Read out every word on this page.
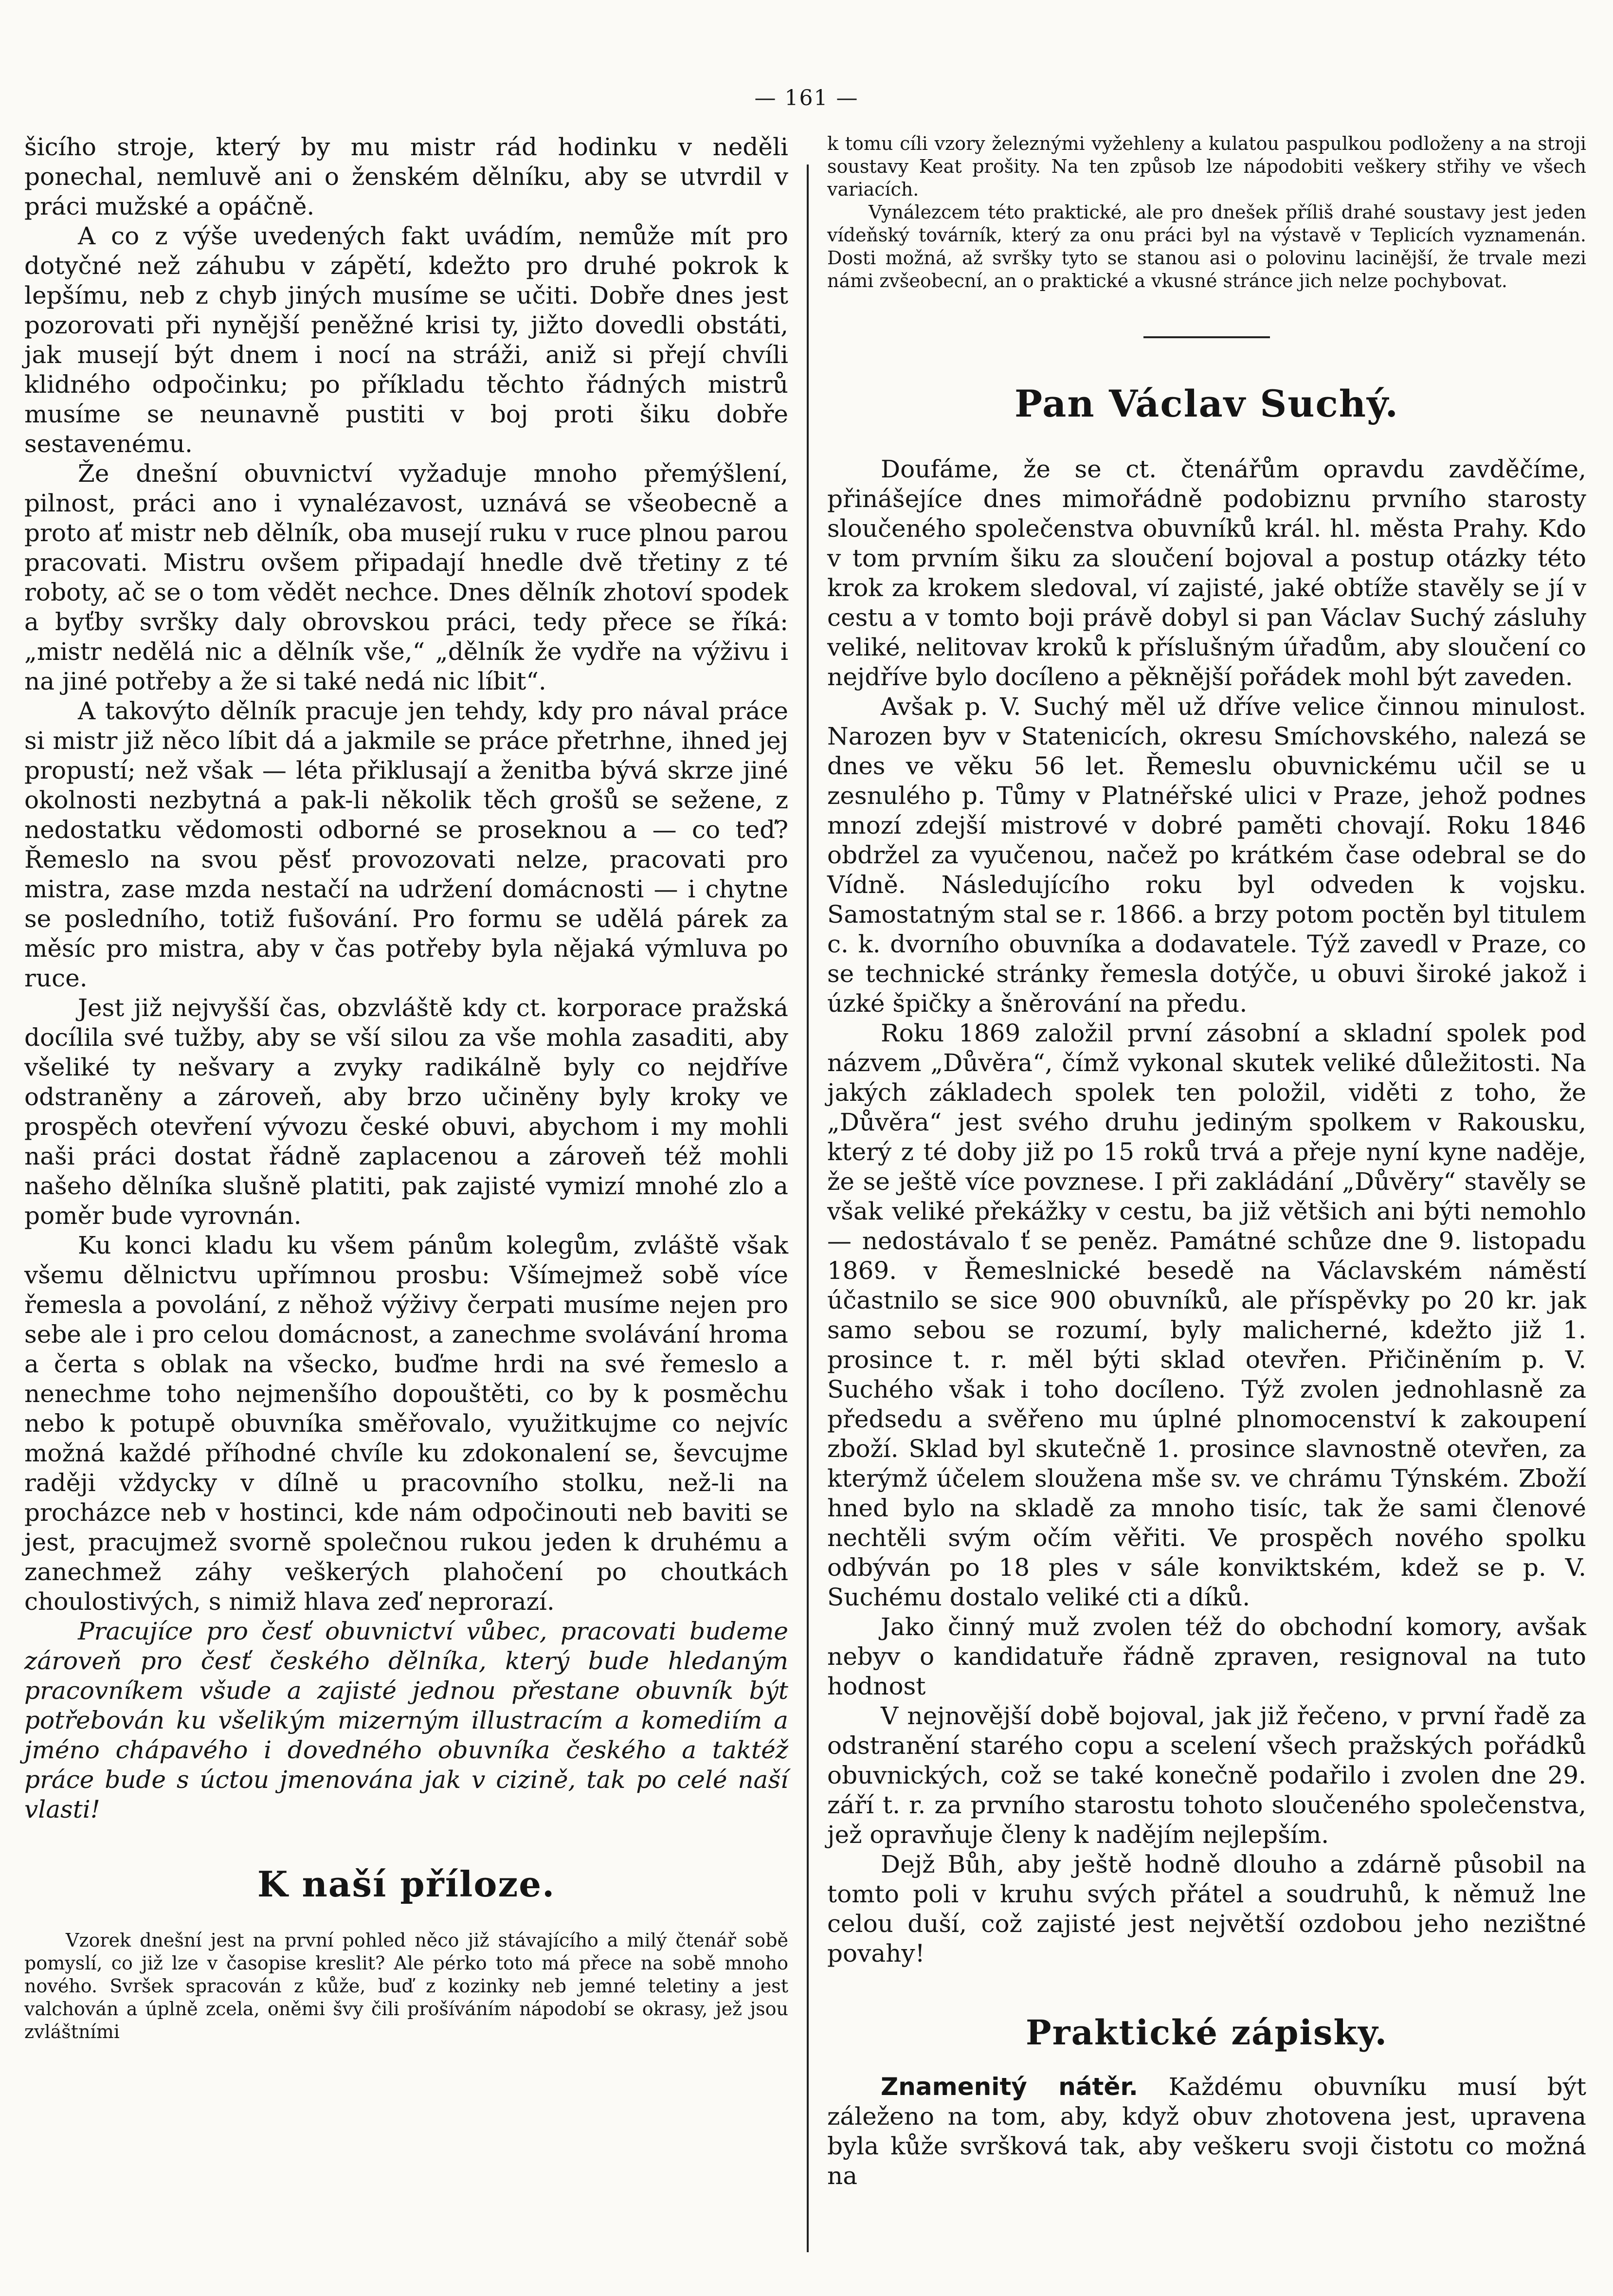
— 161 —

šicího stroje, který by mu mistr rád hodinku v neděli ponechal, nemluvě ani o ženském dělníku, aby se utvrdil v práci mužské a opáčně.

A co z výše uvedených fakt uvádím, nemůže mít pro dotyčné než záhubu v zápětí, kdežto pro druhé pokrok k lepšímu, neb z chyb jiných musíme se učiti. Dobře dnes jest pozorovati při nynější peněžné krisi ty, jižto dovedli obstáti, jak musejí být dnem i nocí na stráži, aniž si přejí chvíli klidného odpočinku; po příkladu těchto řádných mistrů musíme se neunavně pustiti v boj proti šiku dobře sestavenému.

Že dnešní obuvnictví vyžaduje mnoho přemýšlení, pilnost, práci ano i vynalézavost, uznává se všeobecně a proto ať mistr neb dělník, oba musejí ruku v ruce plnou parou pracovati. Mistru ovšem připadají hnedle dvě třetiny z té roboty, ač se o tom vědět nechce. Dnes dělník zhotoví spodek a byťby svršky daly obrovskou práci, tedy přece se říká: „mistr nedělá nic a dělník vše,“ „dělník že vydře na výživu i na jiné potřeby a že si také nedá nic líbit“.

A takovýto dělník pracuje jen tehdy, kdy pro nával práce si mistr již něco líbit dá a jakmile se práce přetrhne, ihned jej propustí; než však — léta přiklusají a ženitba bývá skrze jiné okolnosti nezbytná a pak-li několik těch grošů se sežene, z nedostatku vědomosti odborné se proseknou a — co teď? Řemeslo na svou pěsť provozovati nelze, pracovati pro mistra, zase mzda nestačí na udržení domácnosti — i chytne se posledního, totiž fušování. Pro formu se udělá párek za měsíc pro mistra, aby v čas potřeby byla nějaká výmluva po ruce.

Jest již nejvyšší čas, obzvláště kdy ct. korporace pražská docílila své tužby, aby se vší silou za vše mohla zasaditi, aby všeliké ty nešvary a zvyky radikálně byly co nejdříve odstraněny a zároveň, aby brzo učiněny byly kroky ve prospěch otevření vývozu české obuvi, abychom i my mohli naši práci dostat řádně zaplacenou a zároveň též mohli našeho dělníka slušně platiti, pak zajisté vymizí mnohé zlo a poměr bude vyrovnán.

Ku konci kladu ku všem pánům kolegům, zvláště však všemu dělnictvu upřímnou prosbu: Všímejmež sobě více řemesla a povolání, z něhož výživy čerpati musíme nejen pro sebe ale i pro celou domácnost, a zanechme svolávání hroma a čerta s oblak na všecko, buďme hrdi na své řemeslo a nenechme toho nejmenšího dopouštěti, co by k posměchu nebo k potupě obuvníka směřovalo, využitkujme co nejvíc možná každé příhodné chvíle ku zdokonalení se, ševcujme raději vždycky v dílně u pracovního stolku, než-li na procházce neb v hostinci, kde nám odpočinouti neb baviti se jest, pracujmež svorně společnou rukou jeden k druhému a zanechmež záhy veškerých plahočení po choutkách choulostivých, s nimiž hlava zeď neprorazí.

Pracujíce pro česť obuvnictví vůbec, pracovati budeme zároveň pro česť českého dělníka, který bude hledaným pracovníkem všude a zajisté jednou přestane obuvník být potřebován ku všelikým mizerným illustracím a komediím a jméno chápavého i dovedného obuvníka českého a taktéž práce bude s úctou jmenována jak v cizině, tak po celé naší vlasti!

K naší příloze.

Vzorek dnešní jest na první pohled něco již stávajícího a milý čtenář sobě pomyslí, co již lze v časopise kreslit? Ale pérko toto má přece na sobě mnoho nového. Svršek spracován z kůže, buď z kozinky neb jemné teletiny a jest valchován a úplně zcela, oněmi švy čili prošíváním nápodobí se okrasy, jež jsou zvláštními

k tomu cíli vzory železnými vyžehleny a kulatou paspulkou podloženy a na stroji soustavy Keat prošity. Na ten způsob lze nápodobiti veškery střihy ve všech variacích.

Vynálezcem této praktické, ale pro dnešek příliš drahé soustavy jest jeden vídeňský továrník, který za onu práci byl na výstavě v Teplicích vyznamenán. Dosti možná, až svršky tyto se stanou asi o polovinu lacinější, že trvale mezi námi zvšeobecní, an o praktické a vkusné stránce jich nelze pochybovat.

Pan Václav Suchý.

Doufáme, že se ct. čtenářům opravdu zavděčíme, přinášejíce dnes mimořádně podobiznu prvního starosty sloučeného společenstva obuvníků král. hl. města Prahy. Kdo v tom prvním šiku za sloučení bojoval a postup otázky této krok za krokem sledoval, ví zajisté, jaké obtíže stavěly se jí v cestu a v tomto boji právě dobyl si pan Václav Suchý zásluhy veliké, nelitovav kroků k příslušným úřadům, aby sloučení co nejdříve bylo docíleno a pěknější pořádek mohl být zaveden.

Avšak p. V. Suchý měl už dříve velice činnou minulost. Narozen byv v Statenicích, okresu Smíchovského, nalezá se dnes ve věku 56 let. Řemeslu obuvnickému učil se u zesnulého p. Tůmy v Platnéřské ulici v Praze, jehož podnes mnozí zdejší mistrové v dobré paměti chovají. Roku 1846 obdržel za vyučenou, načež po krátkém čase odebral se do Vídně. Následujícího roku byl odveden k vojsku. Samostatným stal se r. 1866. a brzy potom poctěn byl titulem c. k. dvorního obuvníka a dodavatele. Týž zavedl v Praze, co se technické stránky řemesla dotýče, u obuvi široké jakož i úzké špičky a šněrování na předu.

Roku 1869 založil první zásobní a skladní spolek pod názvem „Důvěra“, čímž vykonal skutek veliké důležitosti. Na jakých základech spolek ten položil, viděti z toho, že „Důvěra“ jest svého druhu jediným spolkem v Rakousku, který z té doby již po 15 roků trvá a přeje nyní kyne naděje, že se ještě více povznese. I při zakládání „Důvěry“ stavěly se však veliké překážky v cestu, ba již většich ani býti nemohlo — nedostávalo ť se peněz. Památné schůze dne 9. listopadu 1869. v Řemeslnické besedě na Václavském náměstí účastnilo se sice 900 obuvníků, ale příspěvky po 20 kr. jak samo sebou se rozumí, byly malicherné, kdežto již 1. prosince t. r. měl býti sklad otevřen. Přičiněním p. V. Suchého však i toho docíleno. Týž zvolen jednohlasně za předsedu a svěřeno mu úplné plnomocenství k zakoupení zboží. Sklad byl skutečně 1. prosince slavnostně otevřen, za kterýmž účelem sloužena mše sv. ve chrámu Týnském. Zboží hned bylo na skladě za mnoho tisíc, tak že sami členové nechtěli svým očím věřiti. Ve prospěch nového spolku odbýván po 18 ples v sále konviktském, kdež se p. V. Suchému dostalo veliké cti a díků.

Jako činný muž zvolen též do obchodní komory, avšak nebyv o kandidatuře řádně zpraven, resignoval na tuto hodnost

V nejnovější době bojoval, jak již řečeno, v první řadě za odstranění starého copu a scelení všech pražských pořádků obuvnických, což se také konečně podařilo i zvolen dne 29. září t. r. za prvního starostu tohoto sloučeného společenstva, jež opravňuje členy k nadějím nejlepším.

Dejž Bůh, aby ještě hodně dlouho a zdárně působil na tomto poli v kruhu svých přátel a soudruhů, k němuž lne celou duší, což zajisté jest největší ozdobou jeho nezištné povahy!

Praktické zápisky.

Znamenitý nátěr. Každému obuvníku musí být záleženo na tom, aby, když obuv zhotovena jest, upravena byla kůže svršková tak, aby veškeru svoji čistotu co možná na
